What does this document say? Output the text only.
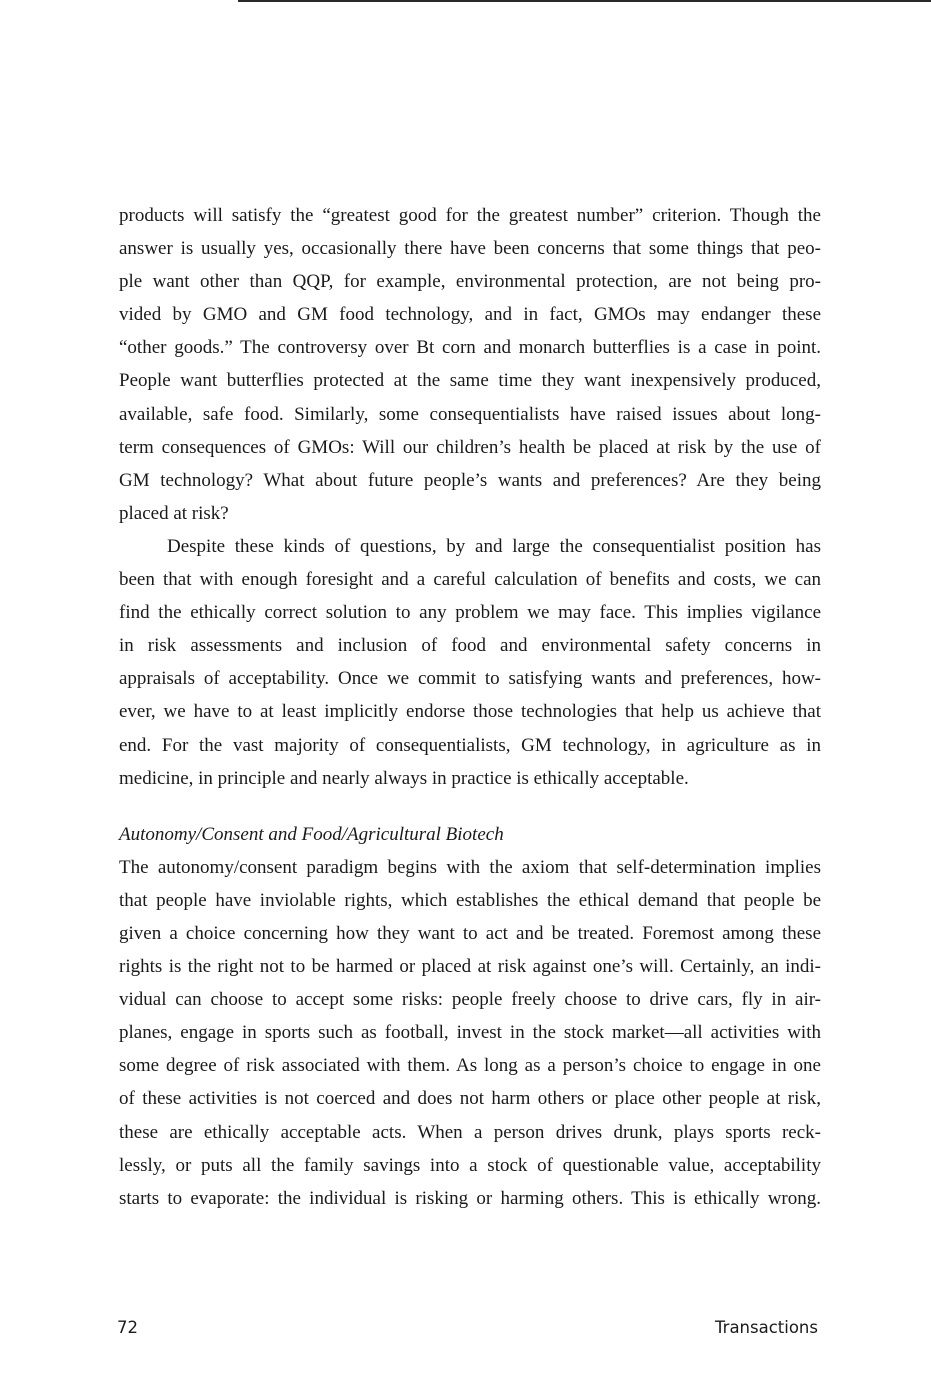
products will satisfy the “greatest good for the greatest number” criterion. Though the
answer is usually yes, occasionally there have been concerns that some things that peo-
ple want other than QQP, for example, environmental protection, are not being pro-
vided by GMO and GM food technology, and in fact, GMOs may endanger these
“other goods.” The controversy over Bt corn and monarch butterflies is a case in point.
People want butterflies protected at the same time they want inexpensively produced,
available, safe food. Similarly, some consequentialists have raised issues about long-
term consequences of GMOs: Will our children’s health be placed at risk by the use of
GM technology? What about future people’s wants and preferences? Are they being
placed at risk?
Despite these kinds of questions, by and large the consequentialist position has
been that with enough foresight and a careful calculation of benefits and costs, we can
find the ethically correct solution to any problem we may face. This implies vigilance
in risk assessments and inclusion of food and environmental safety concerns in
appraisals of acceptability. Once we commit to satisfying wants and preferences, how-
ever, we have to at least implicitly endorse those technologies that help us achieve that
end. For the vast majority of consequentialists, GM technology, in agriculture as in
medicine, in principle and nearly always in practice is ethically acceptable.
Autonomy/Consent and Food/Agricultural Biotech
The autonomy/consent paradigm begins with the axiom that self-determination implies
that people have inviolable rights, which establishes the ethical demand that people be
given a choice concerning how they want to act and be treated. Foremost among these
rights is the right not to be harmed or placed at risk against one’s will. Certainly, an indi-
vidual can choose to accept some risks: people freely choose to drive cars, fly in air-
planes, engage in sports such as football, invest in the stock market—all activities with
some degree of risk associated with them. As long as a person’s choice to engage in one
of these activities is not coerced and does not harm others or place other people at risk,
these are ethically acceptable acts. When a person drives drunk, plays sports reck-
lessly, or puts all the family savings into a stock of questionable value, acceptability
starts to evaporate: the individual is risking or harming others. This is ethically wrong.
72	Transactions
